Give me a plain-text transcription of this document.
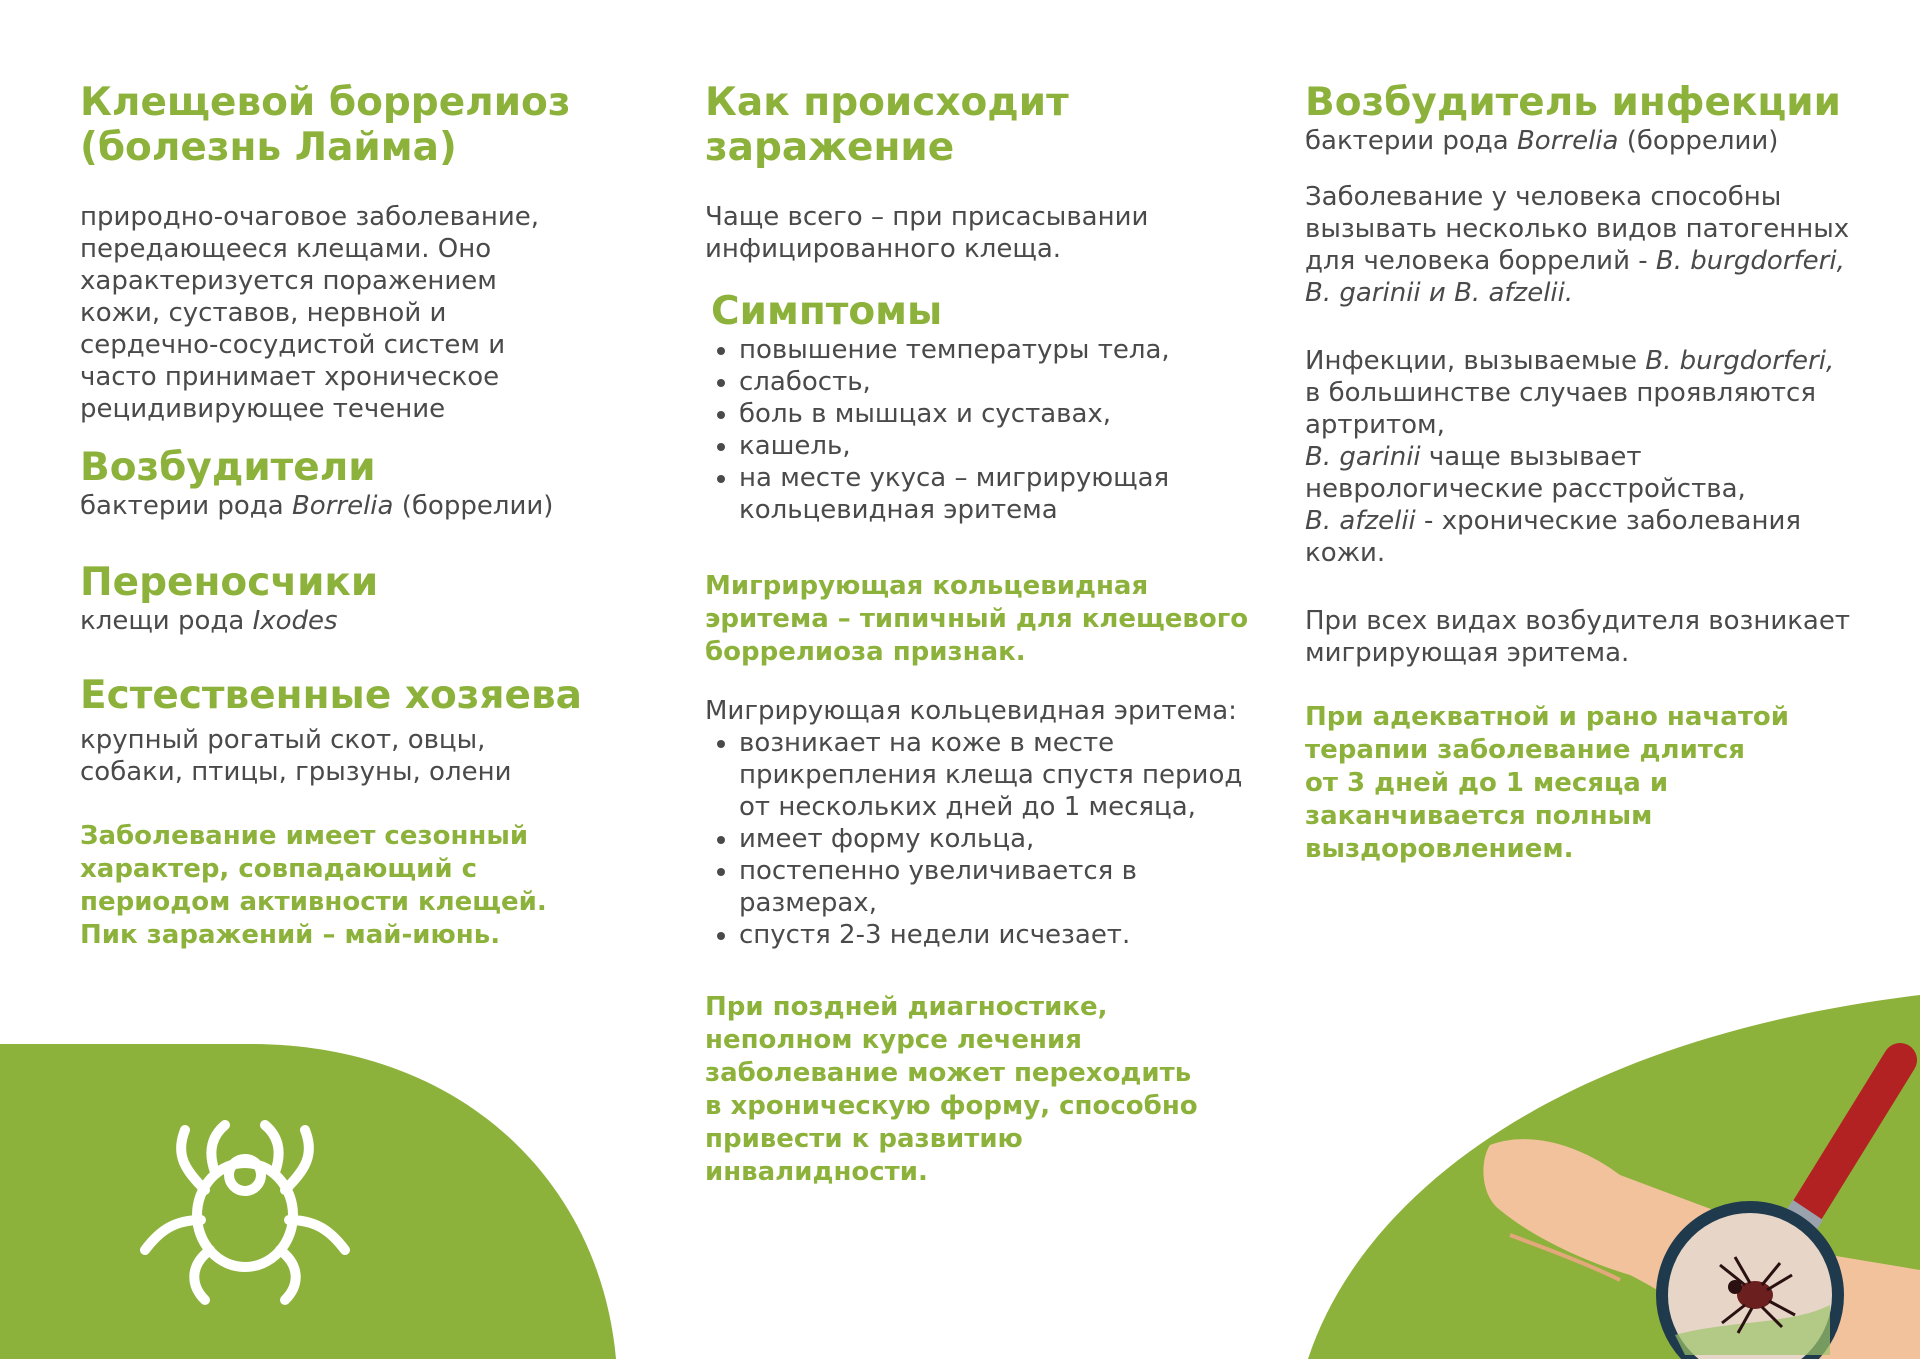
Клещевой боррелиоз
(болезнь Лайма)
природно-очаговое заболевание,
передающееся клещами. Оно
характеризуется поражением
кожи, суставов, нервной и
сердечно-сосудистой систем и
часто принимает хроническое
рецидивирующее течение
Возбудители
бактерии рода Borrelia (боррелии)
Переносчики
клещи рода Ixodes
Естественные хозяева
крупный рогатый скот, овцы,
собаки, птицы, грызуны, олени
Заболевание имеет сезонный
характер, совпадающий с
периодом активности клещей.
Пик заражений – май-июнь.
Как происходит
заражение
Чаще всего – при присасывании
инфицированного клеща.
Симптомы
• повышение температуры тела,
• слабость,
• боль в мышцах и суставах,
• кашель,
• на месте укуса – мигрирующая кольцевидная эритема
Мигрирующая кольцевидная
эритема – типичный для клещевого
боррелиоза признак.
Мигрирующая кольцевидная эритема:
• возникает на коже в месте прикрепления клеща спустя период от нескольких дней до 1 месяца,
• имеет форму кольца,
• постепенно увеличивается в размерах,
• спустя 2-3 недели исчезает.
При поздней диагностике,
неполном курсе лечения
заболевание может переходить
в хроническую форму, способно
привести к развитию
инвалидности.
Возбудитель инфекции
бактерии рода Borrelia (боррелии)
Заболевание у человека способны
вызывать несколько видов патогенных
для человека боррелий - B. burgdorferi,
B. garinii и B. afzelii.
Инфекции, вызываемые B. burgdorferi,
в большинстве случаев проявляются
артритом,
B. garinii чаще вызывает
неврологические расстройства,
B. afzelii - хронические заболевания
кожи.
При всех видах возбудителя возникает
мигрирующая эритема.
При адекватной и рано начатой
терапии заболевание длится
от 3 дней до 1 месяца и
заканчивается полным
выздоровлением.
